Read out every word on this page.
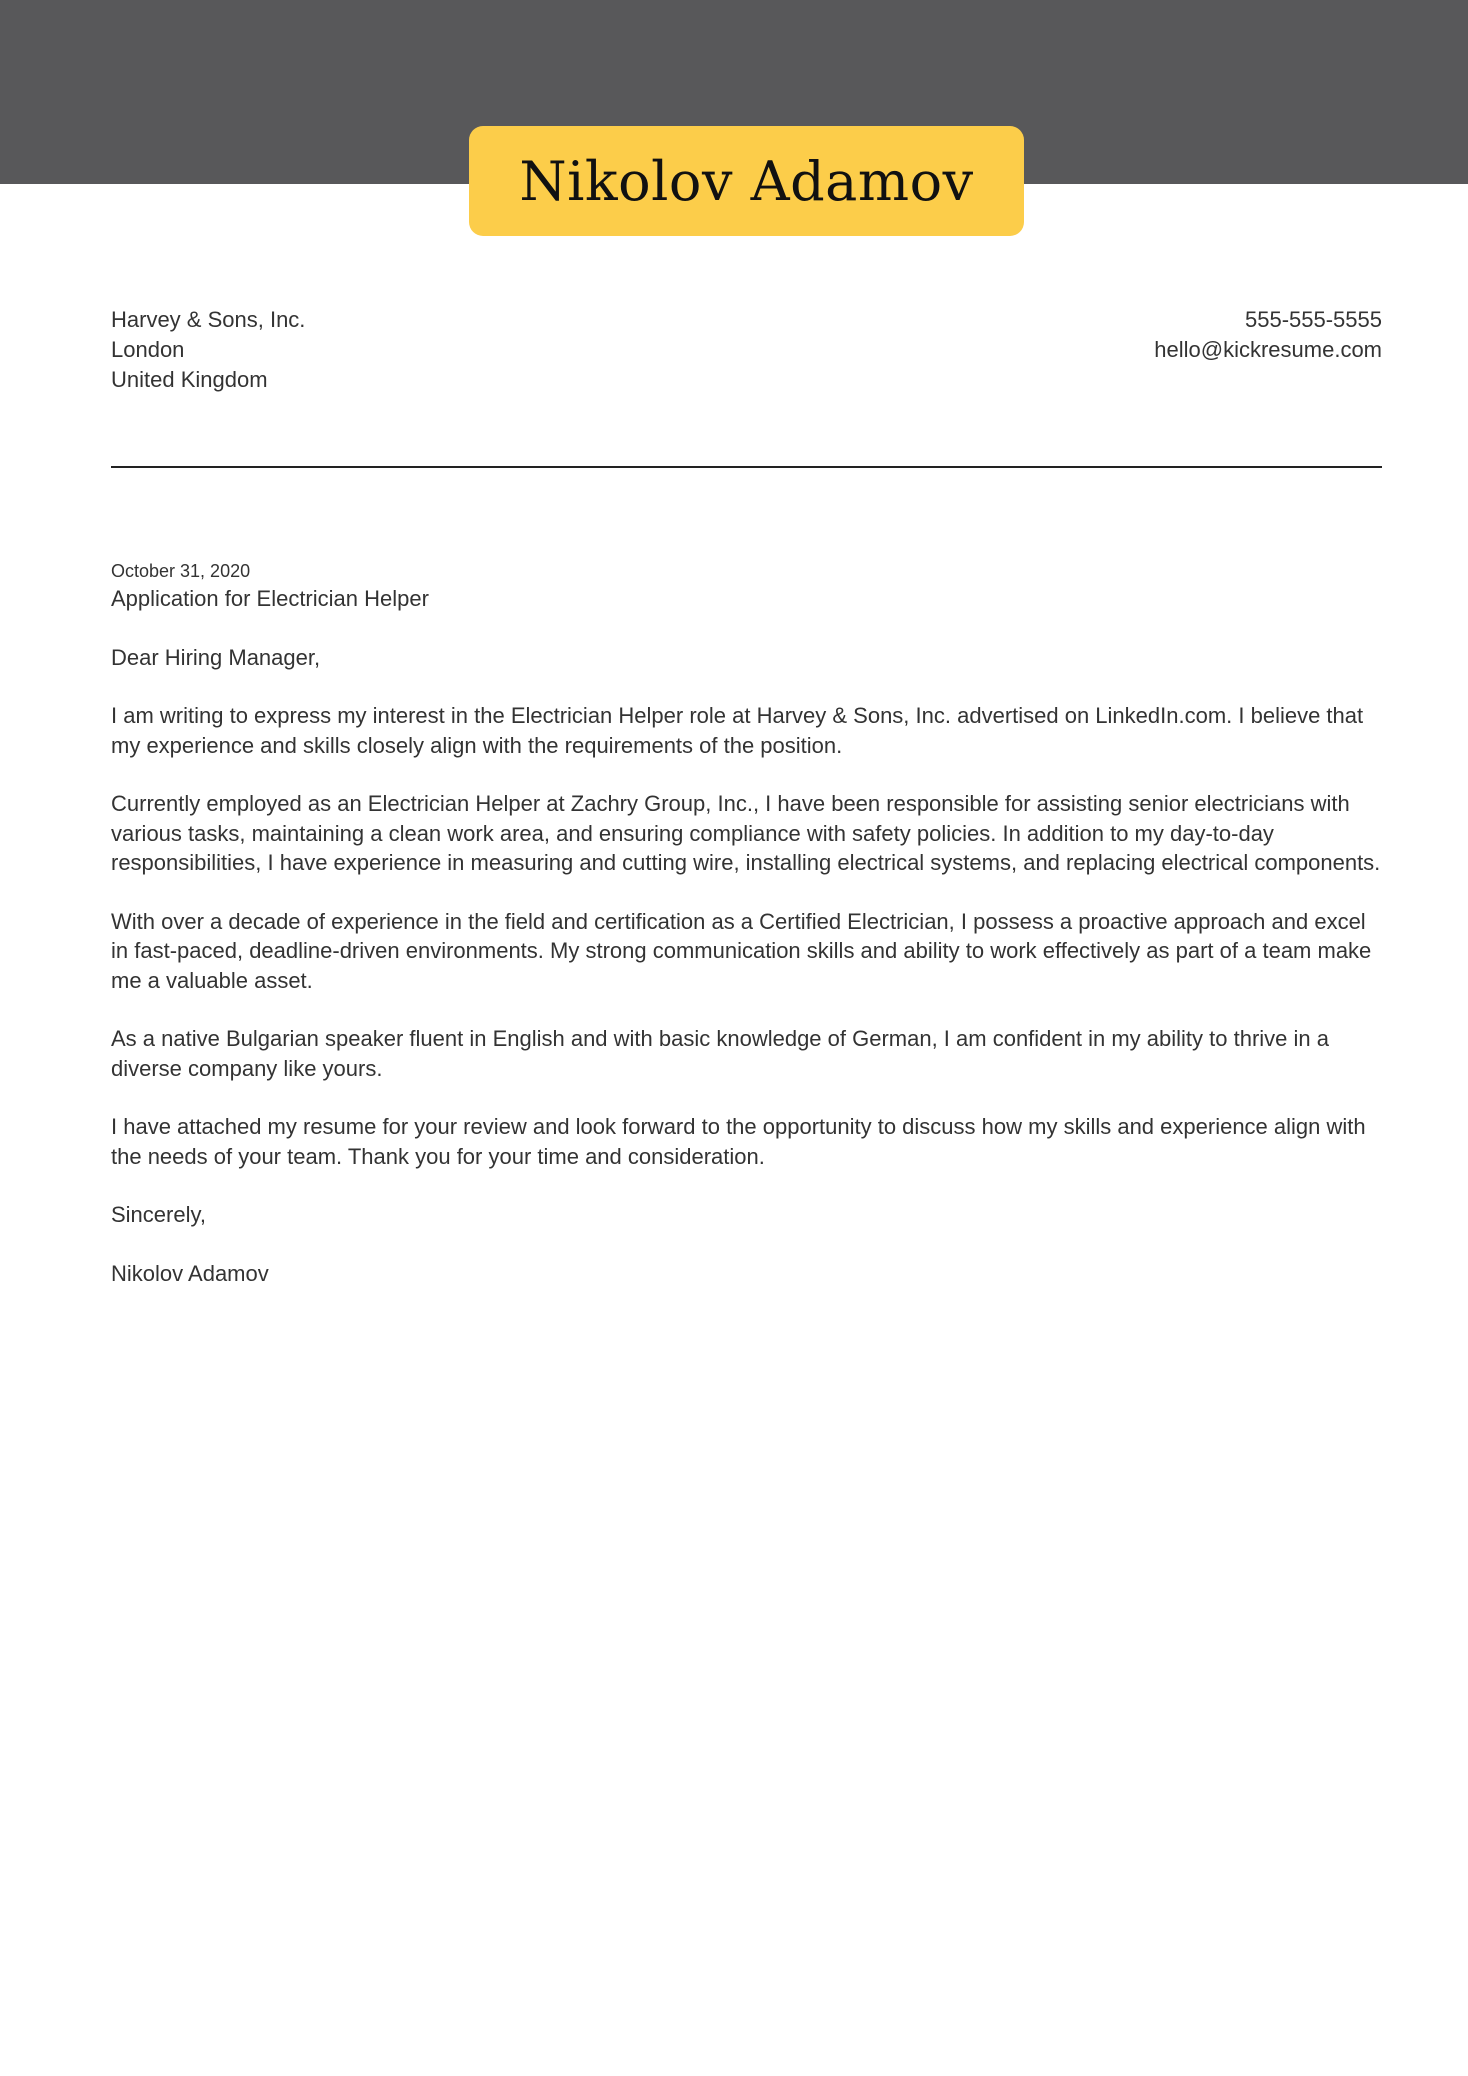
Nikolov Adamov
Harvey & Sons, Inc.
London
United Kingdom
555-555-5555
hello@kickresume.com
October 31, 2020
Application for Electrician Helper
Dear Hiring Manager,

I am writing to express my interest in the Electrician Helper role at Harvey & Sons, Inc. advertised on LinkedIn.com. I believe that my experience and skills closely align with the requirements of the position.

Currently employed as an Electrician Helper at Zachry Group, Inc., I have been responsible for assisting senior electricians with various tasks, maintaining a clean work area, and ensuring compliance with safety policies. In addition to my day-to-day responsibilities, I have experience in measuring and cutting wire, installing electrical systems, and replacing electrical components.

With over a decade of experience in the field and certification as a Certified Electrician, I possess a proactive approach and excel in fast-paced, deadline-driven environments. My strong communication skills and ability to work effectively as part of a team make me a valuable asset.

As a native Bulgarian speaker fluent in English and with basic knowledge of German, I am confident in my ability to thrive in a diverse company like yours.

I have attached my resume for your review and look forward to the opportunity to discuss how my skills and experience align with the needs of your team. Thank you for your time and consideration.

Sincerely,
Nikolov Adamov
